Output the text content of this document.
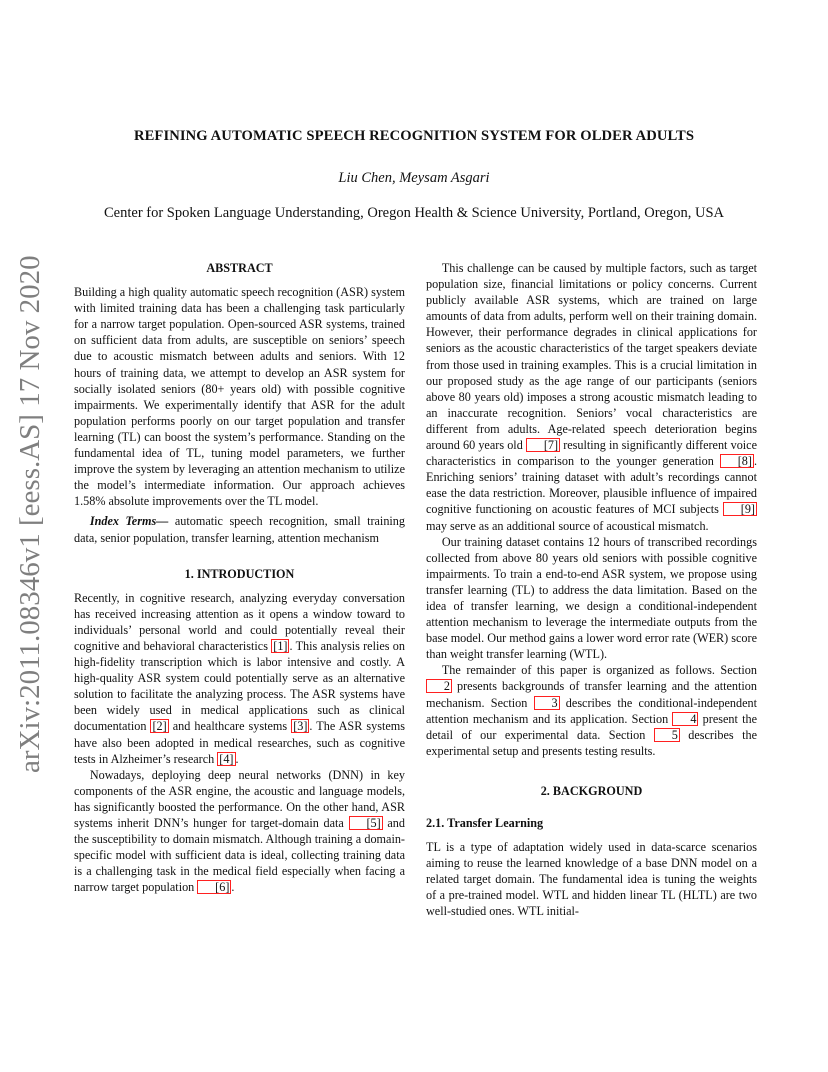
REFINING AUTOMATIC SPEECH RECOGNITION SYSTEM FOR OLDER ADULTS
Liu Chen, Meysam Asgari
Center for Spoken Language Understanding, Oregon Health & Science University, Portland, Oregon, USA
arXiv:2011.08346v1 [eess.AS] 17 Nov 2020	ABSTRACT

Building a high quality automatic speech recognition (ASR) system with limited training data has been a challenging task particularly for a narrow target population. Open-sourced ASR systems, trained on sufficient data from adults, are susceptible on seniors’ speech due to acoustic mismatch between adults and seniors. With 12 hours of training data, we attempt to develop an ASR system for socially isolated seniors (80+ years old) with possible cognitive impairments. We experimentally identify that ASR for the adult population performs poorly on our target population and transfer learning (TL) can boost the system’s performance. Standing on the fundamental idea of TL, tuning model parameters, we further improve the system by leveraging an attention mechanism to utilize the model’s intermediate information. Our approach achieves 1.58% absolute improvements over the TL model.

Index Terms— automatic speech recognition, small training data, senior population, transfer learning, attention mechanism

1. INTRODUCTION

Recently, in cognitive research, analyzing everyday conversation has received increasing attention as it opens a window toward to individuals’ personal world and could potentially reveal their cognitive and behavioral characteristics [1] . This analysis relies on high-fidelity transcription which is labor intensive and costly. A high-quality ASR system could potentially serve as an alternative solution to facilitate the analyzing process. The ASR systems have been widely used in medical applications such as clinical documentation [2] and healthcare systems [3] . The ASR systems have also been adopted in medical researches, such as cognitive tests in Alzheimer’s research [4] .

Nowadays, deploying deep neural networks (DNN) in key components of the ASR engine, the acoustic and language models, has significantly boosted the performance. On the other hand, ASR systems inherit DNN’s hunger for target-domain data [5] and the susceptibility to domain mismatch. Although training a domain-specific model with sufficient data is ideal, collecting training data is a challenging task in the medical field especially when facing a narrow target population [6] .

This challenge can be caused by multiple factors, such as target population size, financial limitations or policy concerns. Current publicly available ASR systems, which are trained on large amounts of data from adults, perform well on their training domain. However, their performance degrades in clinical applications for seniors as the acoustic characteristics of the target speakers deviate from those used in training examples. This is a crucial limitation in our proposed study as the age range of our participants (seniors above 80 years old) imposes a strong acoustic mismatch leading to an inaccurate recognition. Seniors’ vocal characteristics are different from adults. Age-related speech deterioration begins around 60 years old [7] resulting in significantly different voice characteristics in comparison to the younger generation [8] . Enriching seniors’ training dataset with adult’s recordings cannot ease the data restriction. Moreover, plausible influence of impaired cognitive functioning on acoustic features of MCI subjects [9] may serve as an additional source of acoustical mismatch.

Our training dataset contains 12 hours of transcribed recordings collected from above 80 years old seniors with possible cognitive impairments. To train a end-to-end ASR system, we propose using transfer learning (TL) to address the data limitation. Based on the idea of transfer learning, we design a conditional-independent attention mechanism to leverage the intermediate outputs from the base model. Our method gains a lower word error rate (WER) score than weight transfer learning (WTL).

The remainder of this paper is organized as follows. Section 2 presents backgrounds of transfer learning and the attention mechanism. Section 3 describes the conditional-independent attention mechanism and its application. Section 4 present the detail of our experimental data. Section 5 describes the experimental setup and presents testing results.

2. BACKGROUND

2.1. Transfer Learning

TL is a type of adaptation widely used in data-scarce scenarios aiming to reuse the learned knowledge of a base DNN model on a related target domain. The fundamental idea is tuning the weights of a pre-trained model. WTL and hidden linear TL (HLTL) are two well-studied ones. WTL initial-
